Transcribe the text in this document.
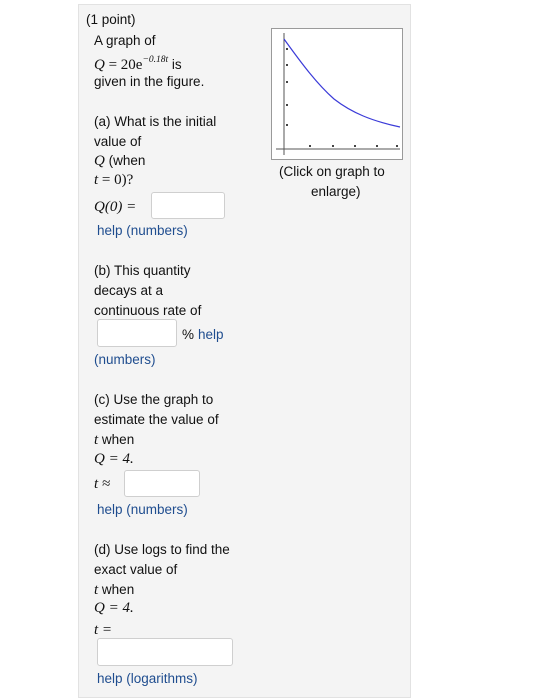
(1 point)
A graph of
$Q = 20e^{-0.18t}$ is
given in the figure.
(Click on graph to
enlarge)
(a) What is the initial
value of
Q (when
t = 0)?
Q(0) =
help (numbers)
(b) This quantity
decays at a
continuous rate of
% help
(numbers)
(c) Use the graph to
estimate the value of
t when
Q = 4.
t ≈
help (numbers)
(d) Use logs to find the
exact value of
t when
Q = 4.
t =
help (logarithms)
